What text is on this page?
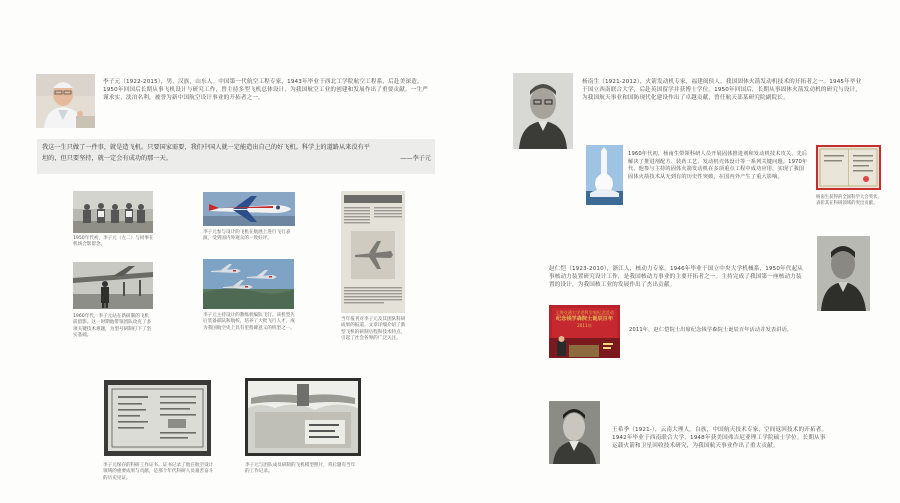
李子元（1922-2015），男，汉族，山东人。中国第一代航空工程专家，1943年毕业于西北工学院航空工程系，后赴美深造。1950年回国后长期从事飞机设计与研究工作，曾主持多型飞机总体设计，为我国航空工业的创建和发展作出了重要贡献。一生严谨求实，淡泊名利，被誉为新中国航空设计事业的开拓者之一。
我这一生只做了一件事，就是造飞机。只要国家需要，我们中国人就一定能造出自己的好飞机。科学上的道路从来没有平坦的，但只要坚持，就一定会有成功的那一天。	——李子元
1950年代初，李子元（左二）与同事在机场合影留念。
李子元参与设计的飞机在航展上进行飞行表演，受到国内外观众的一致好评。
1960年代，李子元站在新研制的飞机前留影。这一时期他带领团队攻克了多项关键技术难题，为型号研制打下了坚实基础。
李子元主持设计的教练机编队飞行。该机型先后装备部队和航校，培养了大批飞行人才，成为我国航空史上具有里程碑意义的机型之一。
当年报刊对李子元及其团队科研成果的报道。文章详细介绍了新型飞机的研制历程和技术特点，引起了社会各界的广泛关注。
李子元保存的科研工作证书。证书记录了他在航空设计领域的重要成果与贡献，是那个年代科研人员艰苦奋斗的历史见证。
李子元与团队成员研制的飞机模型照片，背后题有当年的工作记录。
杨南生（1921-2012），火箭发动机专家，福建闽侯人。我国固体火箭发动机技术的开拓者之一。1945年毕业于国立西南联合大学，后赴英国留学并获博士学位。1950年回国后，长期从事固体火箭发动机的研究与设计，为我国航天事业和国防现代化建设作出了卓越贡献，曾任航天部某研究院副院长。
1960年代初，杨南生带领科研人员开展固体推进剂和发动机技术攻关，先后解决了推进剂配方、装药工艺、发动机壳体设计等一系列关键问题。1970年代，他参与主持的固体火箭发动机在多项重点工程中成功应用，实现了我国固体火箭技术从无到有的历史性突破，在国内外产生了重大影响。
杨南生获得的全国科学大会奖状，表彰其在科研领域的突出贡献。
赵仁恺（1923-2010），浙江人，核动力专家。1946年毕业于国立中央大学机械系，1950年代起从事核动力装置研究设计工作，是我国核动力事业的主要开拓者之一。主持完成了我国第一座核动力装置的设计，为我国核工业的发展作出了杰出贡献。
上海交通大学老科学家纪念活动
纪念钱学森院士诞辰百年
2011年
2011年，赵仁恺院士出席纪念钱学森院士诞辰百年活动并发表讲话。
王希季（1921-），云南大理人。白族，中国航天技术专家，空间返回技术的开拓者。1942年毕业于西南联合大学，1948年获美国弗吉尼亚理工学院硕士学位。长期从事运载火箭和卫星回收技术研究，为我国航天事业作出了重大贡献。
